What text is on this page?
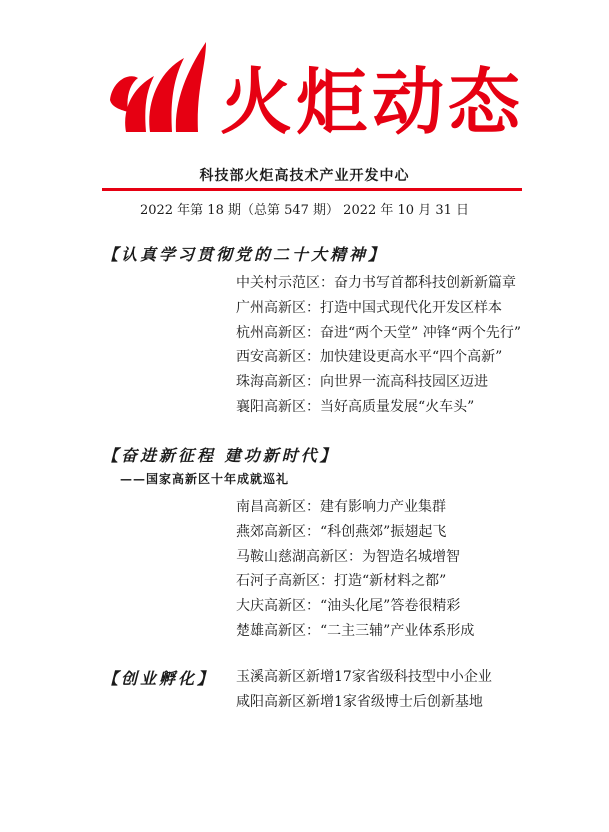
火炬动态
科技部火炬高技术产业开发中心
2022 年第 18 期（总第 547 期） 2022 年 10 月 31 日
【认真学习贯彻党的二十大精神】
中关村示范区：奋力书写首都科技创新新篇章
广州高新区：打造中国式现代化开发区样本
杭州高新区：奋进“两个天堂” 冲锋“两个先行”
西安高新区：加快建设更高水平“四个高新”
珠海高新区：向世界一流高科技园区迈进
襄阳高新区：当好高质量发展“火车头”
【奋进新征程 建功新时代】
——国家高新区十年成就巡礼
南昌高新区：建有影响力产业集群
燕郊高新区：“科创燕郊”振翅起飞
马鞍山慈湖高新区：为智造名城增智
石河子高新区：打造“新材料之都”
大庆高新区：“油头化尾”答卷很精彩
楚雄高新区：“二主三辅”产业体系形成
【创业孵化】 玉溪高新区新增17家省级科技型中小企业
咸阳高新区新增1家省级博士后创新基地
